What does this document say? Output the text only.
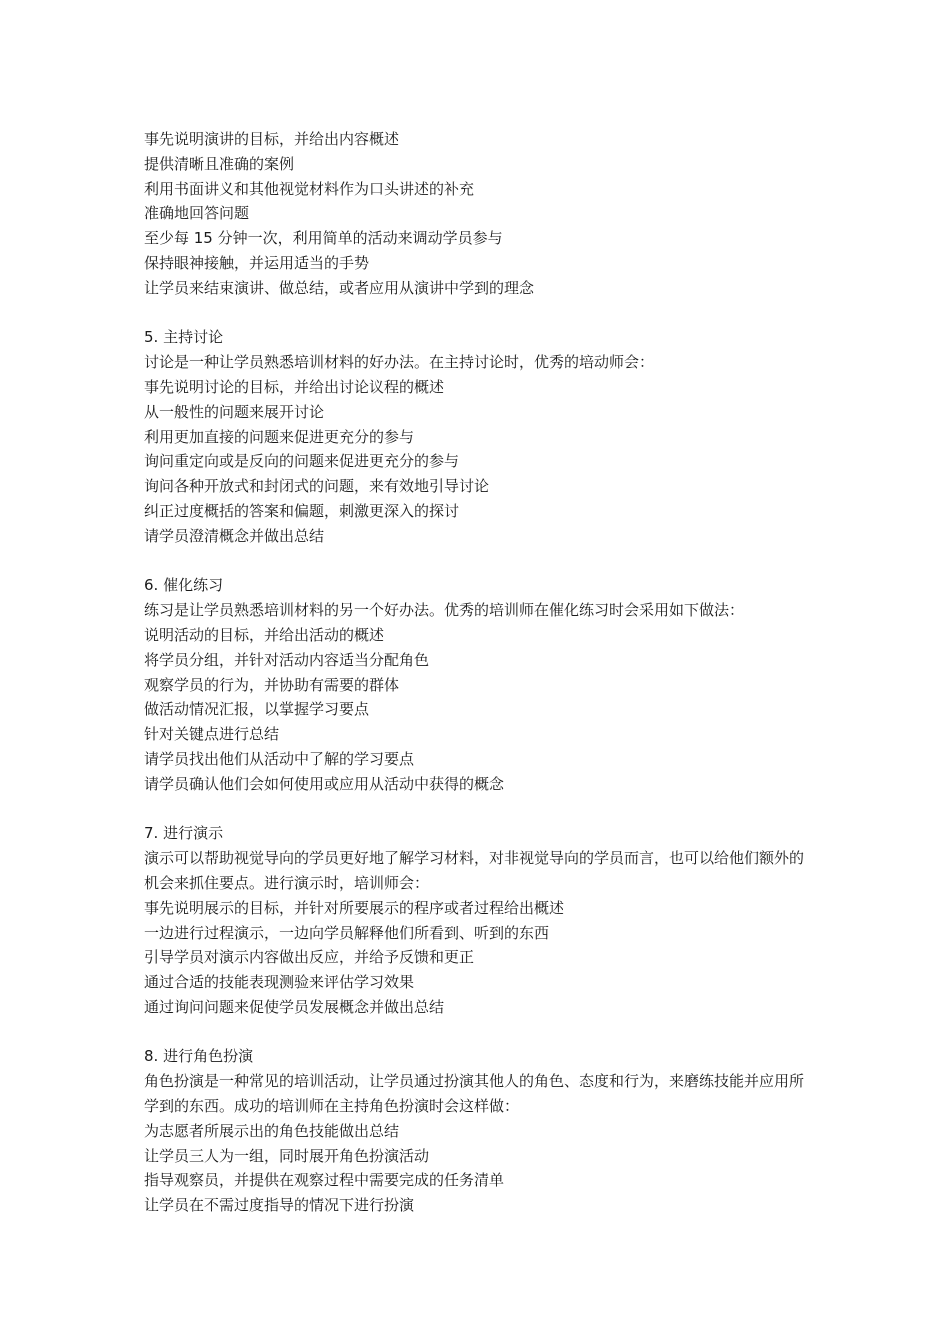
事先说明演讲的目标，并给出内容概述

提供清晰且准确的案例

利用书面讲义和其他视觉材料作为口头讲述的补充

准确地回答问题

至少每 15 分钟一次，利用简单的活动来调动学员参与

保持眼神接触，并运用适当的手势

让学员来结束演讲、做总结，或者应用从演讲中学到的理念

5. 主持讨论

讨论是一种让学员熟悉培训材料的好办法。在主持讨论时，优秀的培动师会：

事先说明讨论的目标，并给出讨论议程的概述

从一般性的问题来展开讨论

利用更加直接的问题来促进更充分的参与

询问重定向或是反向的问题来促进更充分的参与

询问各种开放式和封闭式的问题，来有效地引导讨论

纠正过度概括的答案和偏题，刺激更深入的探讨

请学员澄清概念并做出总结

6. 催化练习

练习是让学员熟悉培训材料的另一个好办法。优秀的培训师在催化练习时会采用如下做法：

说明活动的目标，并给出活动的概述

将学员分组，并针对活动内容适当分配角色

观察学员的行为，并协助有需要的群体

做活动情况汇报，以掌握学习要点

针对关键点进行总结

请学员找出他们从活动中了解的学习要点

请学员确认他们会如何使用或应用从活动中获得的概念

7. 进行演示

演示可以帮助视觉导向的学员更好地了解学习材料，对非视觉导向的学员而言，也可以给他们额外的机会来抓住要点。进行演示时，培训师会：

事先说明展示的目标，并针对所要展示的程序或者过程给出概述

一边进行过程演示，一边向学员解释他们所看到、听到的东西

引导学员对演示内容做出反应，并给予反馈和更正

通过合适的技能表现测验来评估学习效果

通过询问问题来促使学员发展概念并做出总结

8. 进行角色扮演

角色扮演是一种常见的培训活动，让学员通过扮演其他人的角色、态度和行为，来磨练技能并应用所学到的东西。成功的培训师在主持角色扮演时会这样做：

为志愿者所展示出的角色技能做出总结

让学员三人为一组，同时展开角色扮演活动

指导观察员，并提供在观察过程中需要完成的任务清单

让学员在不需过度指导的情况下进行扮演
